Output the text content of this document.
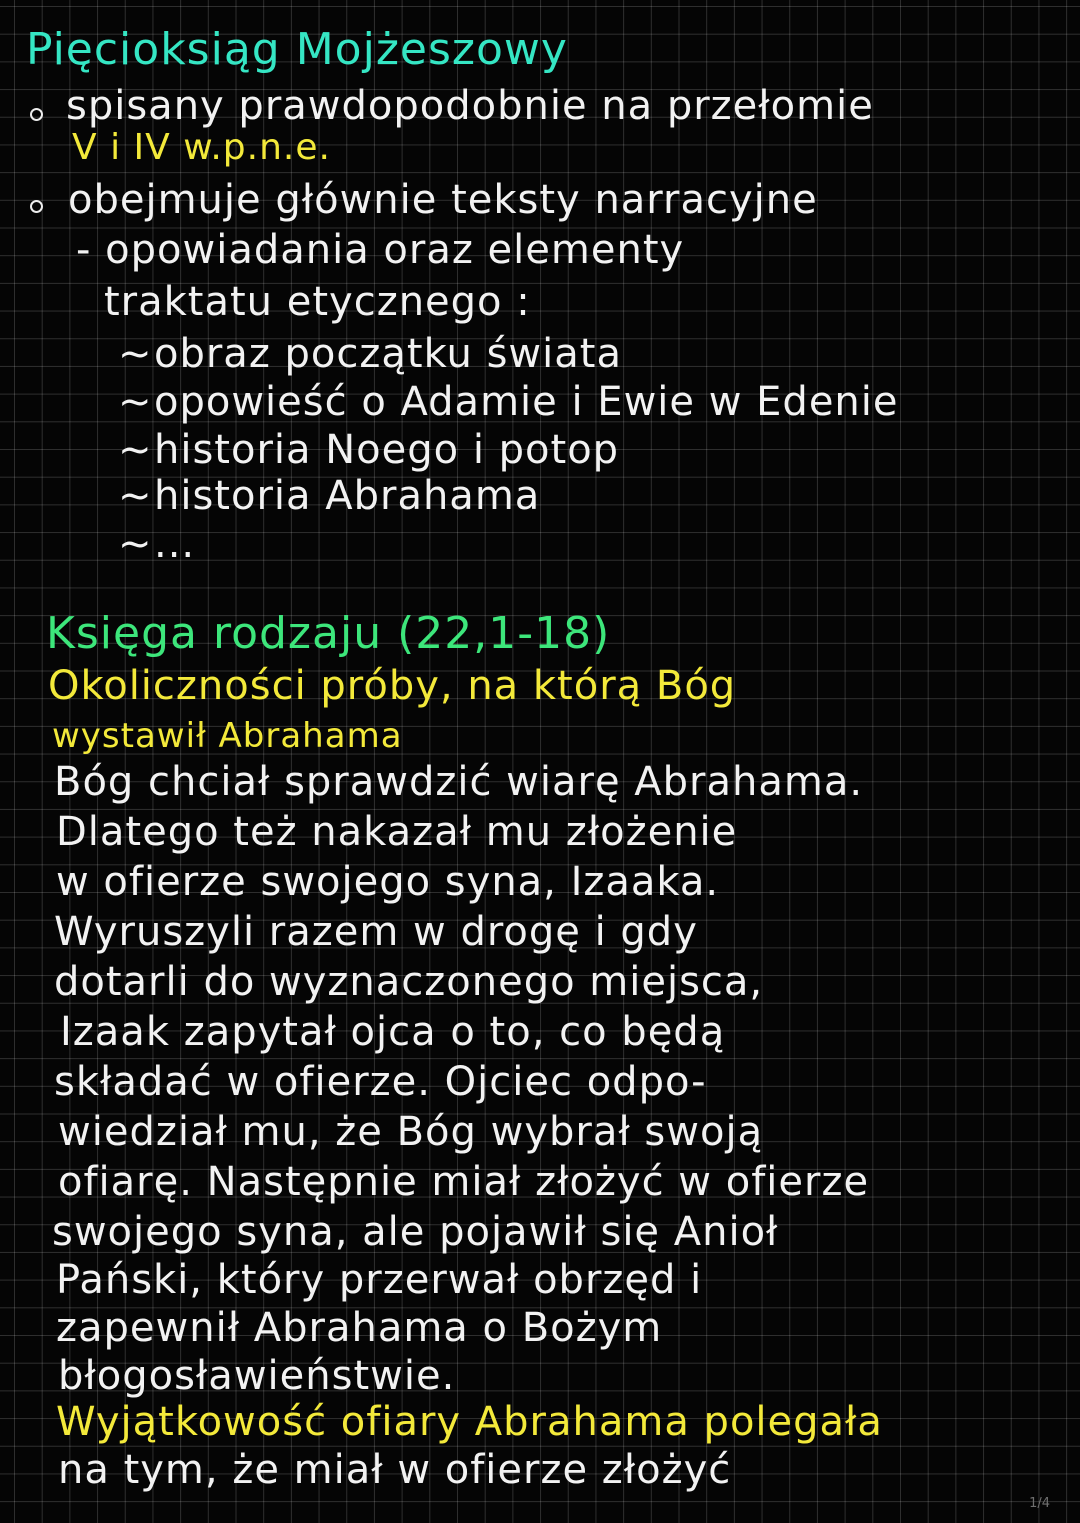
Pięcioksiąg Mojżeszowy
spisany prawdopodobnie na przełomie
V i IV w.p.n.e.
obejmuje głównie teksty narracyjne
- opowiadania oraz elementy
traktatu etycznego :
~obraz początku świata
~opowieść o Adamie i Ewie w Edenie
~historia Noego i potop
~historia Abrahama
~...
Księga rodzaju (22,1-18)
Okoliczności próby, na którą Bóg
wystawił Abrahama
Bóg chciał sprawdzić wiarę Abrahama.
Dlatego też nakazał mu złożenie
w ofierze swojego syna, Izaaka.
Wyruszyli razem w drogę i gdy
dotarli do wyznaczonego miejsca,
Izaak zapytał ojca o to, co będą
składać w ofierze. Ojciec odpo-
wiedział mu, że Bóg wybrał swoją
ofiarę. Następnie miał złożyć w ofierze
swojego syna, ale pojawił się Anioł
Pański, który przerwał obrzęd i
zapewnił Abrahama o Bożym
błogosławieństwie.
Wyjątkowość ofiary Abrahama polegała
na tym, że miał w ofierze złożyć
1/4
